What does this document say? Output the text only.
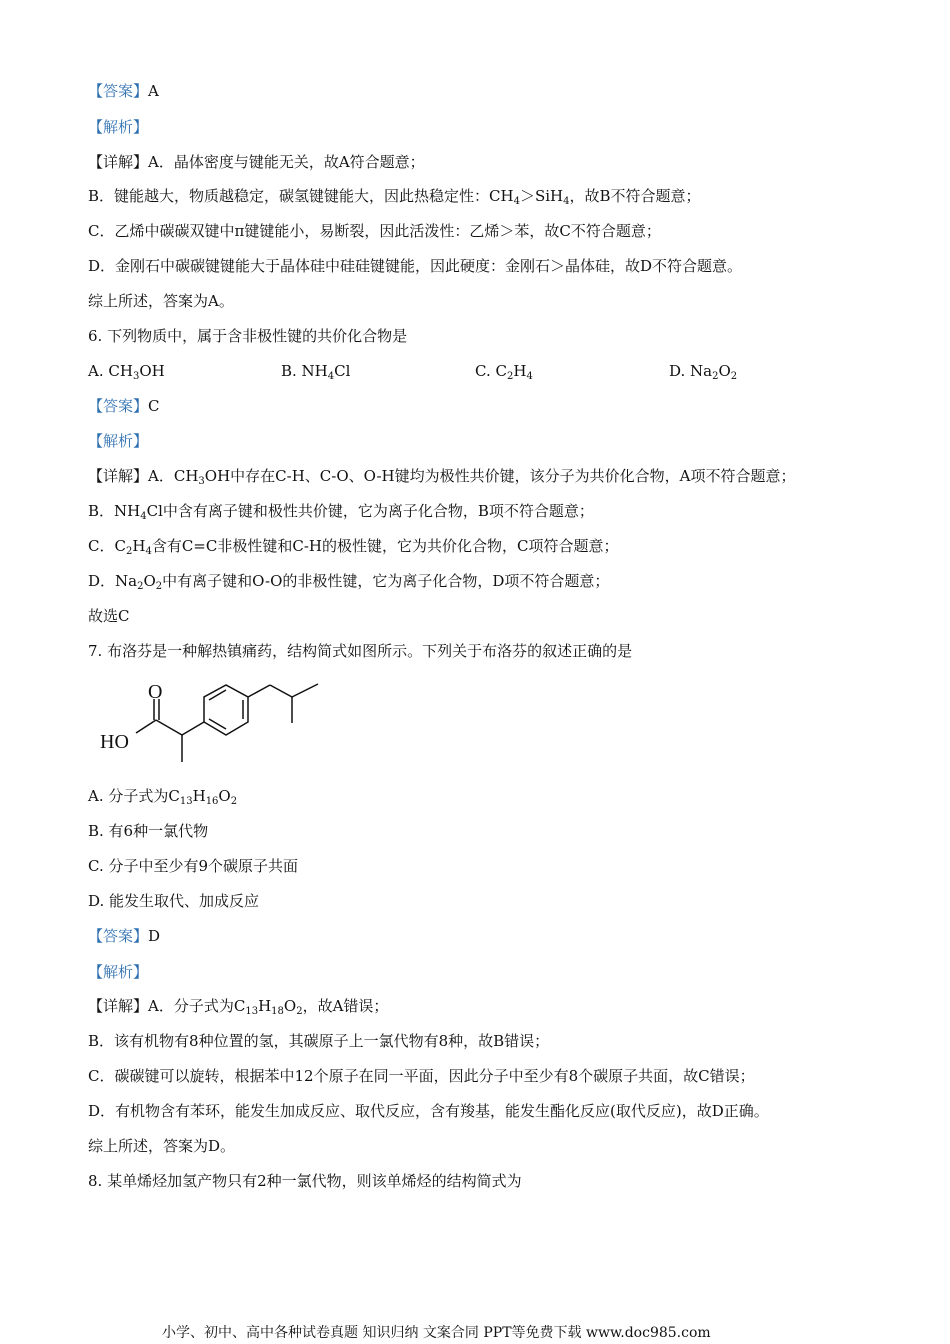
【答案】A
【解析】
【详解】A．晶体密度与键能无关，故A符合题意；
B．键能越大，物质越稳定，碳氢键键能大，因此热稳定性：$CH_4>SiH_4$，故B不符合题意；
C．乙烯中碳碳双键中π键键能小，易断裂，因此活泼性：乙烯＞苯，故C不符合题意；
D．金刚石中碳碳键键能大于晶体硅中硅硅键键能，因此硬度：金刚石＞晶体硅，故D不符合题意。
综上所述，答案为A。
6. 下列物质中，属于含非极性键的共价化合物是
A. $CH_3OH$	B. $NH_4Cl$	C. $C_2H_4$	D. $Na_2O_2$
【答案】C
【解析】
【详解】A．$CH_3OH$中存在C-H、C-O、O-H键均为极性共价键，该分子为共价化合物，A项不符合题意；
B．$NH_4Cl$中含有离子键和极性共价键，它为离子化合物，B项不符合题意；
C．$C_2H_4$含有C=C非极性键和C-H的极性键，它为共价化合物，C项符合题意；
D．$Na_2O_2$中有离子键和O-O的非极性键，它为离子化合物，D项不符合题意；
故选C
7. 布洛芬是一种解热镇痛药，结构简式如图所示。下列关于布洛芬的叙述正确的是
O
HO
A. 分子式为$C_{13}H_{16}O_2$
B. 有6种一氯代物
C. 分子中至少有9个碳原子共面
D. 能发生取代、加成反应
【答案】D
【解析】
【详解】A．分子式为$C_{13}H_{18}O_2$，故A错误；
B．该有机物有8种位置的氢，其碳原子上一氯代物有8种，故B错误；
C．碳碳键可以旋转，根据苯中12个原子在同一平面，因此分子中至少有8个碳原子共面，故C错误；
D．有机物含有苯环，能发生加成反应、取代反应，含有羧基，能发生酯化反应(取代反应)，故D正确。
综上所述，答案为D。
8. 某单烯烃加氢产物只有2种一氯代物，则该单烯烃的结构简式为
小学、初中、高中各种试卷真题 知识归纳 文案合同 PPT等免费下载 www.doc985.com
